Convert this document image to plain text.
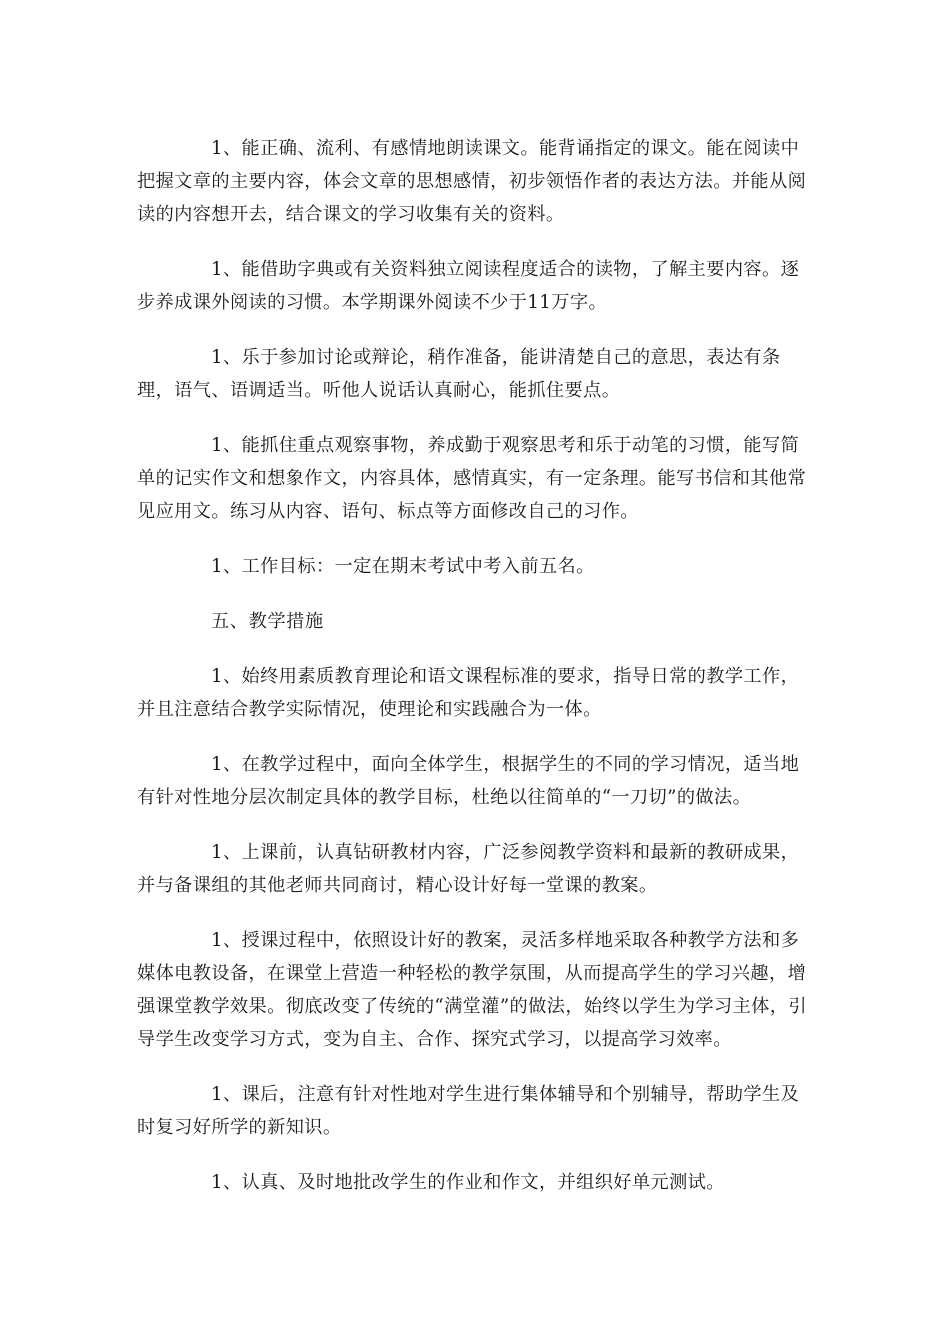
1、能正确、流利、有感情地朗读课文。能背诵指定的课文。能在阅读中把握文章的主要内容，体会文章的思想感情，初步领悟作者的表达方法。并能从阅读的内容想开去，结合课文的学习收集有关的资料。

1、能借助字典或有关资料独立阅读程度适合的读物，了解主要内容。逐步养成课外阅读的习惯。本学期课外阅读不少于11万字。

1、乐于参加讨论或辩论，稍作准备，能讲清楚自己的意思，表达有条理，语气、语调适当。听他人说话认真耐心，能抓住要点。

1、能抓住重点观察事物，养成勤于观察思考和乐于动笔的习惯，能写简单的记实作文和想象作文，内容具体，感情真实，有一定条理。能写书信和其他常见应用文。练习从内容、语句、标点等方面修改自己的习作。

1、工作目标：一定在期末考试中考入前五名。

五、教学措施

1、始终用素质教育理论和语文课程标准的要求，指导日常的教学工作，并且注意结合教学实际情况，使理论和实践融合为一体。

1、在教学过程中，面向全体学生，根据学生的不同的学习情况，适当地有针对性地分层次制定具体的教学目标，杜绝以往简单的“一刀切”的做法。

1、上课前，认真钻研教材内容，广泛参阅教学资料和最新的教研成果，并与备课组的其他老师共同商讨，精心设计好每一堂课的教案。

1、授课过程中，依照设计好的教案，灵活多样地采取各种教学方法和多媒体电教设备，在课堂上营造一种轻松的教学氛围，从而提高学生的学习兴趣，增强课堂教学效果。彻底改变了传统的“满堂灌”的做法，始终以学生为学习主体，引导学生改变学习方式，变为自主、合作、探究式学习，以提高学习效率。

1、课后，注意有针对性地对学生进行集体辅导和个别辅导，帮助学生及时复习好所学的新知识。

1、认真、及时地批改学生的作业和作文，并组织好单元测试。
